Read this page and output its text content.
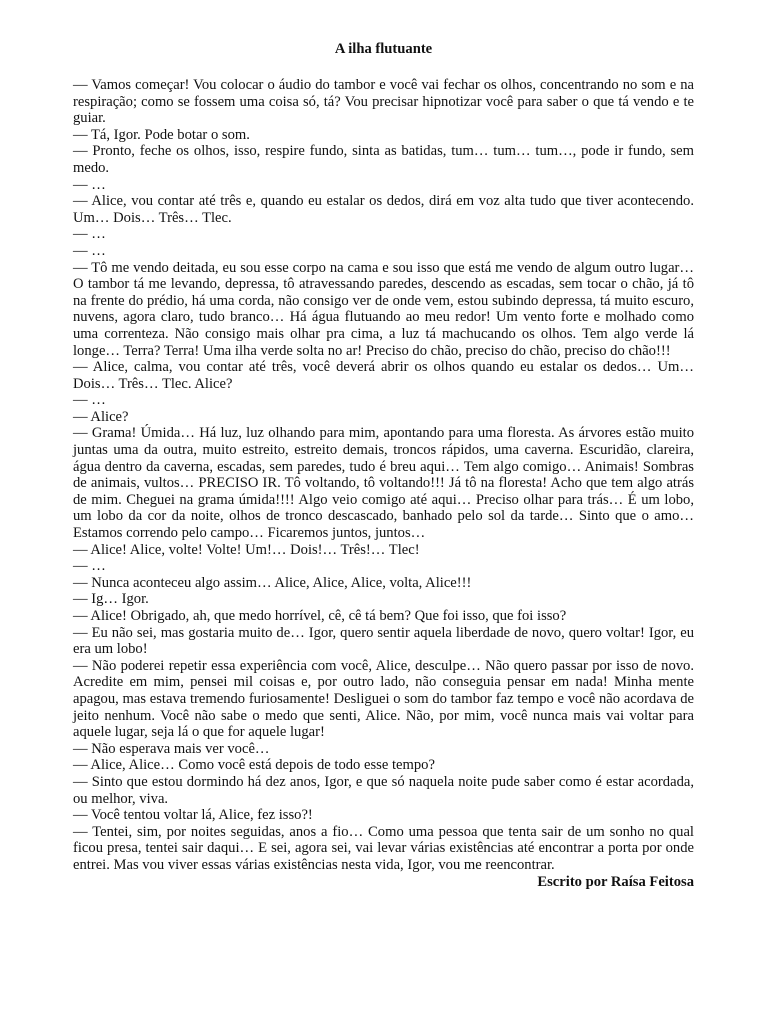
A ilha flutuante

— Vamos começar! Vou colocar o áudio do tambor e você vai fechar os olhos, concentrando no som e na respiração; como se fossem uma coisa só, tá? Vou precisar hipnotizar você para saber o que tá vendo e te guiar.

— Tá, Igor. Pode botar o som.

— Pronto, feche os olhos, isso, respire fundo, sinta as batidas, tum… tum… tum…, pode ir fundo, sem medo.

— …

— Alice, vou contar até três e, quando eu estalar os dedos, dirá em voz alta tudo que tiver acontecendo. Um… Dois… Três… Tlec.

— …

— …

— Tô me vendo deitada, eu sou esse corpo na cama e sou isso que está me vendo de algum outro lugar… O tambor tá me levando, depressa, tô atravessando paredes, descendo as escadas, sem tocar o chão, já tô na frente do prédio, há uma corda, não consigo ver de onde vem, estou subindo depressa, tá muito escuro, nuvens, agora claro, tudo branco… Há água flutuando ao meu redor! Um vento forte e molhado como uma correnteza. Não consigo mais olhar pra cima, a luz tá machucando os olhos. Tem algo verde lá longe… Terra? Terra! Uma ilha verde solta no ar! Preciso do chão, preciso do chão, preciso do chão!!!

— Alice, calma, vou contar até três, você deverá abrir os olhos quando eu estalar os dedos… Um… Dois… Três… Tlec. Alice?

— …

— Alice?

— Grama! Úmida… Há luz, luz olhando para mim, apontando para uma floresta. As árvores estão muito juntas uma da outra, muito estreito, estreito demais, troncos rápidos, uma caverna. Escuridão, clareira, água dentro da caverna, escadas, sem paredes, tudo é breu aqui… Tem algo comigo… Animais! Sombras de animais, vultos… PRECISO IR. Tô voltando, tô voltando!!! Já tô na floresta! Acho que tem algo atrás de mim. Cheguei na grama úmida!!!! Algo veio comigo até aqui… Preciso olhar para trás… É um lobo, um lobo da cor da noite, olhos de tronco descascado, banhado pelo sol da tarde… Sinto que o amo… Estamos correndo pelo campo… Ficaremos juntos, juntos…

— Alice! Alice, volte! Volte! Um!… Dois!… Três!… Tlec!

— …

— Nunca aconteceu algo assim… Alice, Alice, Alice, volta, Alice!!!

— Ig… Igor.

— Alice! Obrigado, ah, que medo horrível, cê, cê tá bem? Que foi isso, que foi isso?

— Eu não sei, mas gostaria muito de… Igor, quero sentir aquela liberdade de novo, quero voltar! Igor, eu era um lobo!

— Não poderei repetir essa experiência com você, Alice, desculpe… Não quero passar por isso de novo. Acredite em mim, pensei mil coisas e, por outro lado, não conseguia pensar em nada! Minha mente apagou, mas estava tremendo furiosamente! Desliguei o som do tambor faz tempo e você não acordava de jeito nenhum. Você não sabe o medo que senti, Alice. Não, por mim, você nunca mais vai voltar para aquele lugar, seja lá o que for aquele lugar!

— Não esperava mais ver você…

— Alice, Alice… Como você está depois de todo esse tempo?

— Sinto que estou dormindo há dez anos, Igor, e que só naquela noite pude saber como é estar acordada, ou melhor, viva.

— Você tentou voltar lá, Alice, fez isso?!

— Tentei, sim, por noites seguidas, anos a fio… Como uma pessoa que tenta sair de um sonho no qual ficou presa, tentei sair daqui… E sei, agora sei, vai levar várias existências até encontrar a porta por onde entrei. Mas vou viver essas várias existências nesta vida, Igor, vou me reencontrar.

Escrito por Raísa Feitosa
